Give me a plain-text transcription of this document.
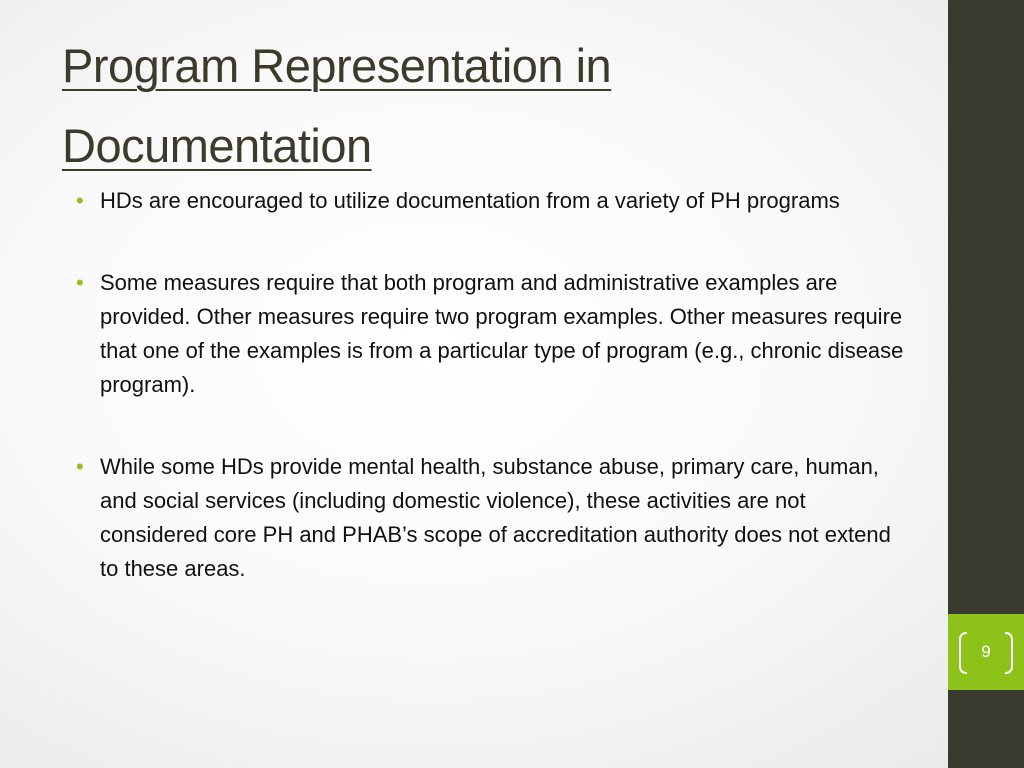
9
Program Representation in
Documentation
• HDs are encouraged to utilize documentation from a variety of PH programs
• Some measures require that both program and administrative examples are provided. Other measures require two program examples. Other measures require that one of the examples is from a particular type of program (e.g., chronic disease program).
• While some HDs provide mental health, substance abuse, primary care, human, and social services (including domestic violence), these activities are not considered core PH and PHAB’s scope of accreditation authority does not extend to these areas.
